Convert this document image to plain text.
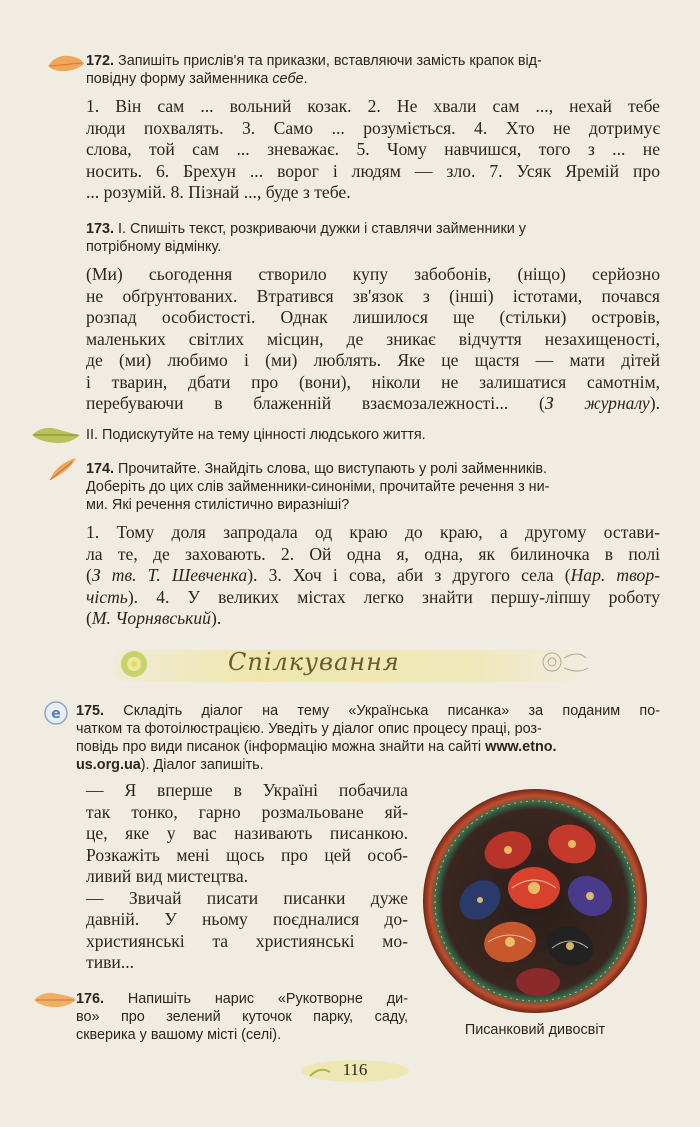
172. Запишіть прислів'я та приказки, вставляючи замість крапок від-
повідну форму займенника себе.
1. Він сам ... вольний козак. 2. Не хвали сам ..., нехай тебе
люди похвалять. 3. Само ... розуміється. 4. Хто не дотримує
слова, той сам ... зневажає. 5. Чому навчишся, того з ... не
носить. 6. Брехун ... ворог і людям — зло. 7. Усяк Яремій про
... розумій. 8. Пізнай ..., буде з тебе.
173. І. Спишіть текст, розкриваючи дужки і ставлячи займенники у
потрібному відмінку.
(Ми) сьогодення створило купу забобонів, (ніщо) серйозно
не обґрунтованих. Втратився зв'язок з (інші) істотами, почався
розпад особистості. Однак лишилося ще (стільки) островів,
маленьких світлих місцин, де зникає відчуття незахищеності,
де (ми) любимо і (ми) люблять. Яке це щастя — мати дітей
і тварин, дбати про (вони), ніколи не залишатися самотнім,
перебуваючи в блаженній взаємозалежності... (З журналу).
ІІ. Подискутуйте на тему цінності людського життя.
174. Прочитайте. Знайдіть слова, що виступають у ролі займенників.
Доберіть до цих слів займенники-синоніми, прочитайте речення з ни-
ми. Які речення стилістично виразніші?
1. Тому доля запродала од краю до краю, а другому остави-
ла те, де заховають. 2. Ой одна я, одна, як билиночка в полі
(З тв. Т. Шевченка). 3. Хоч і сова, аби з другого села (Нар. твор-
чість). 4. У великих містах легко знайти першу-ліпшу роботу
(М. Чорнявський).
Спілкування
e 175. Складіть діалог на тему «Українська писанка» за поданим по-
чатком та фотоілюстрацією. Уведіть у діалог опис процесу праці, роз-
повідь про види писанок (інформацію можна знайти на сайті www.etno.
us.org.ua). Діалог запишіть.
— Я вперше в Україні побачила
так тонко, гарно розмальоване яй-
це, яке у вас називають писанкою.
Розкажіть мені щось про цей особ-
ливий вид мистецтва.
— Звичай писати писанки дуже
давній. У ньому поєдналися до-
християнські та християнські мо-
тиви...
Писанковий дивосвіт
176. Напишіть нарис «Рукотворне ди-
во» про зелений куточок парку, саду,
скверика у вашому місті (селі).
116
